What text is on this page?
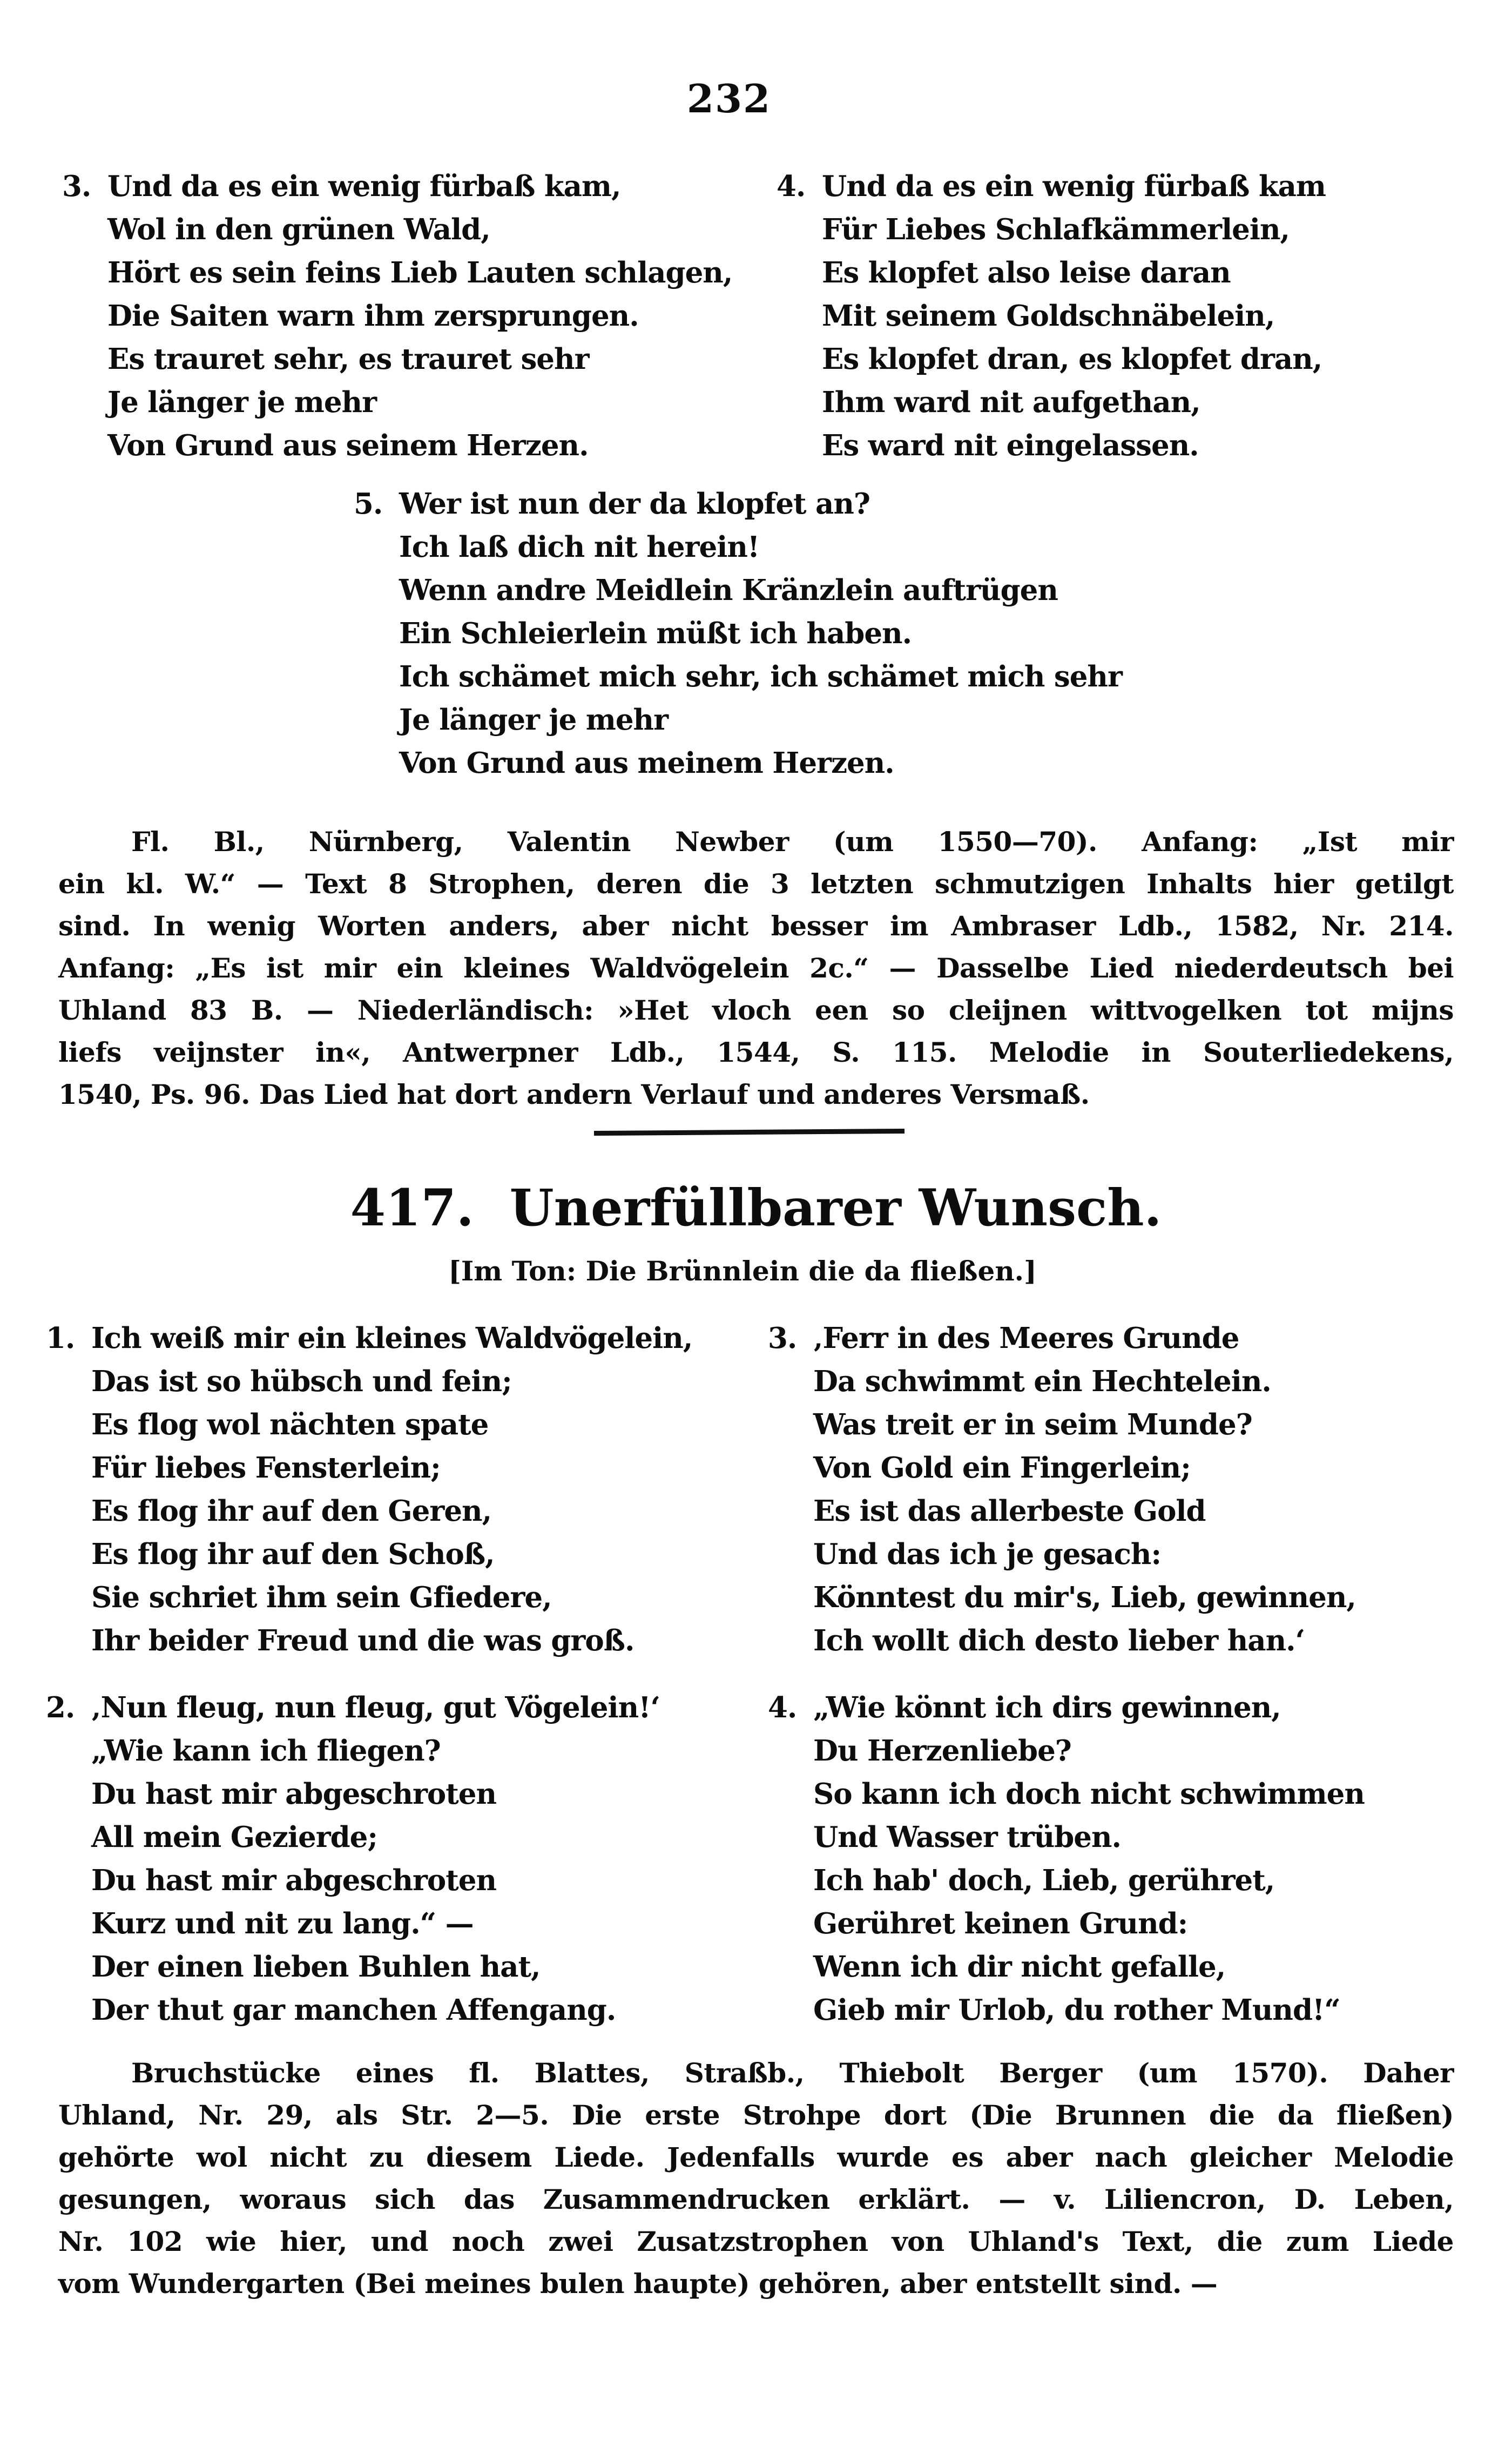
232
3. Und da es ein wenig fürbaß kam,
Wol in den grünen Wald,
Hört es sein feins Lieb Lauten schlagen,
Die Saiten warn ihm zersprungen.
Es trauret sehr, es trauret sehr
Je länger je mehr
Von Grund aus seinem Herzen.
4. Und da es ein wenig fürbaß kam
Für Liebes Schlafkämmerlein,
Es klopfet also leise daran
Mit seinem Goldschnäbelein,
Es klopfet dran, es klopfet dran,
Ihm ward nit aufgethan,
Es ward nit eingelassen.
5. Wer ist nun der da klopfet an?
Ich laß dich nit herein!
Wenn andre Meidlein Kränzlein auftrügen
Ein Schleierlein müßt ich haben.
Ich schämet mich sehr, ich schämet mich sehr
Je länger je mehr
Von Grund aus meinem Herzen.
Fl. Bl., Nürnberg, Valentin Newber (um 1550—70). Anfang: „Ist mir
ein kl. W.“ — Text 8 Strophen, deren die 3 letzten schmutzigen Inhalts hier getilgt
sind. In wenig Worten anders, aber nicht besser im Ambraser Ldb., 1582, Nr. 214.
Anfang: „Es ist mir ein kleines Waldvögelein 2c.“ — Dasselbe Lied niederdeutsch bei
Uhland 83 B. — Niederländisch: »Het vloch een so cleijnen wittvogelken tot mijns
liefs veijnster in«, Antwerpner Ldb., 1544, S. 115. Melodie in Souterliedekens,
1540, Ps. 96. Das Lied hat dort andern Verlauf und anderes Versmaß.
417. Unerfüllbarer Wunsch.
[Im Ton: Die Brünnlein die da fließen.]
1. Ich weiß mir ein kleines Waldvögelein,
Das ist so hübsch und fein;
Es flog wol nächten spate
Für liebes Fensterlein;
Es flog ihr auf den Geren,
Es flog ihr auf den Schoß,
Sie schriet ihm sein Gfiedere,
Ihr beider Freud und die was groß.
3. ‚Ferr in des Meeres Grunde
Da schwimmt ein Hechtelein.
Was treit er in seim Munde?
Von Gold ein Fingerlein;
Es ist das allerbeste Gold
Und das ich je gesach:
Könntest du mir's, Lieb, gewinnen,
Ich wollt dich desto lieber han.‘
2. ‚Nun fleug, nun fleug, gut Vögelein!‘
„Wie kann ich fliegen?
Du hast mir abgeschroten
All mein Gezierde;
Du hast mir abgeschroten
Kurz und nit zu lang.“ —
Der einen lieben Buhlen hat,
Der thut gar manchen Affengang.
4. „Wie könnt ich dirs gewinnen,
Du Herzenliebe?
So kann ich doch nicht schwimmen
Und Wasser trüben.
Ich hab' doch, Lieb, gerühret,
Gerühret keinen Grund:
Wenn ich dir nicht gefalle,
Gieb mir Urlob, du rother Mund!“
Bruchstücke eines fl. Blattes, Straßb., Thiebolt Berger (um 1570). Daher
Uhland, Nr. 29, als Str. 2—5. Die erste Strohpe dort (Die Brunnen die da fließen)
gehörte wol nicht zu diesem Liede. Jedenfalls wurde es aber nach gleicher Melodie
gesungen, woraus sich das Zusammendrucken erklärt. — v. Liliencron, D. Leben,
Nr. 102 wie hier, und noch zwei Zusatzstrophen von Uhland's Text, die zum Liede
vom Wundergarten (Bei meines bulen haupte) gehören, aber entstellt sind. —
